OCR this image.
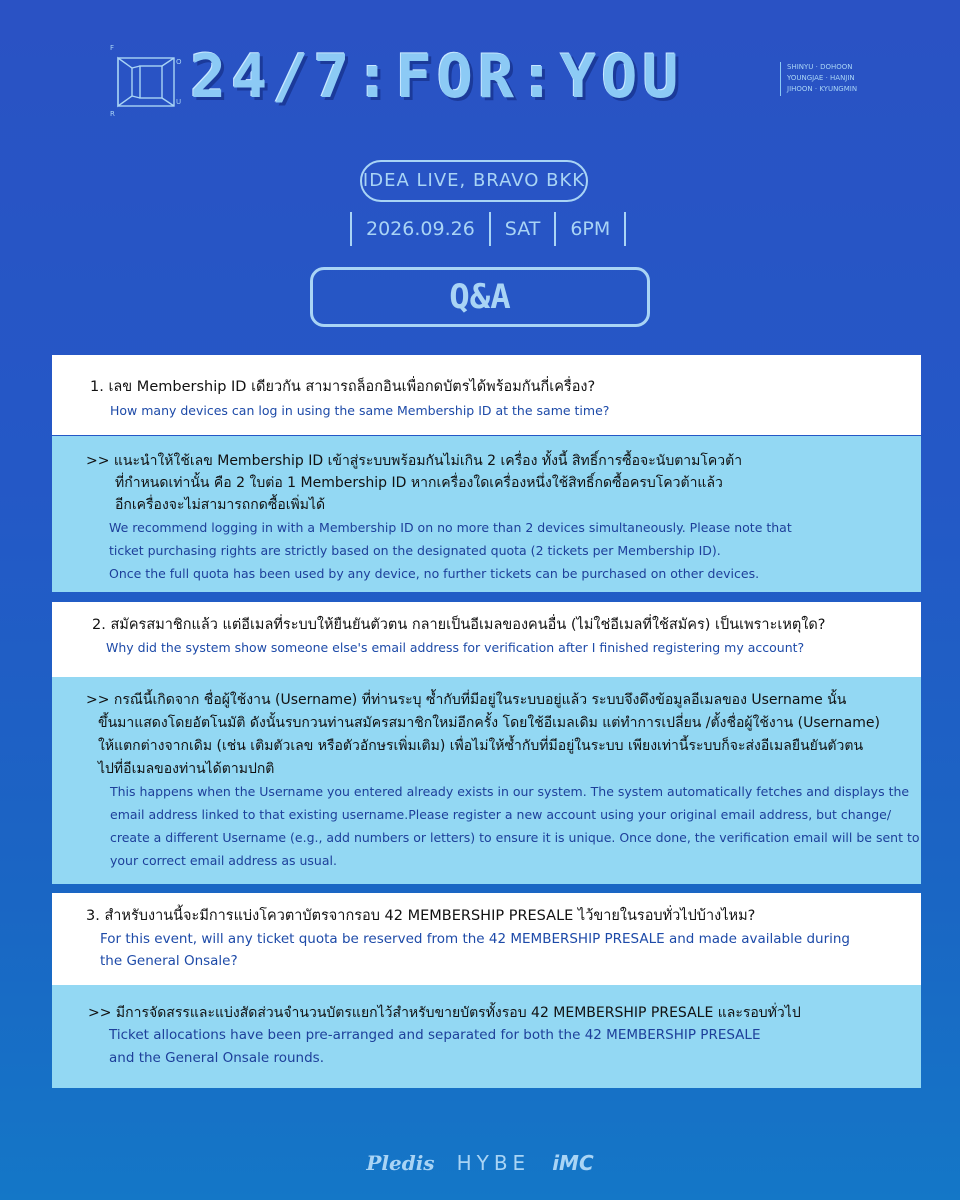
F
O
U
R
24/7:FOR:YOU	SHINYU · DOHOON
YOUNGJAE · HANJIN
JIHOON · KYUNGMIN
IDEA LIVE, BRAVO BKK
2026.09.26	SAT	6PM
Q&A
1. เลข Membership ID เดียวกัน สามารถล็อกอินเพื่อกดบัตรได้พร้อมกันกี่เครื่อง?
How many devices can log in using the same Membership ID at the same time?
>> แนะนำให้ใช้เลข Membership ID เข้าสู่ระบบพร้อมกันไม่เกิน 2 เครื่อง ทั้งนี้ สิทธิ์การซื้อจะนับตามโควต้า
ที่กำหนดเท่านั้น คือ 2 ใบต่อ 1 Membership ID หากเครื่องใดเครื่องหนึ่งใช้สิทธิ์กดซื้อครบโควต้าแล้ว
อีกเครื่องจะไม่สามารถกดซื้อเพิ่มได้
We recommend logging in with a Membership ID on no more than 2 devices simultaneously. Please note that
ticket purchasing rights are strictly based on the designated quota (2 tickets per Membership ID).
Once the full quota has been used by any device, no further tickets can be purchased on other devices.
2. สมัครสมาชิกแล้ว แต่อีเมลที่ระบบให้ยืนยันตัวตน กลายเป็นอีเมลของคนอื่น (ไม่ใช่อีเมลที่ใช้สมัคร) เป็นเพราะเหตุใด?
Why did the system show someone else's email address for verification after I finished registering my account?
>> กรณีนี้เกิดจาก ชื่อผู้ใช้งาน (Username) ที่ท่านระบุ ซ้ำกับที่มีอยู่ในระบบอยู่แล้ว ระบบจึงดึงข้อมูลอีเมลของ Username นั้น
ขึ้นมาแสดงโดยอัตโนมัติ ดังนั้นรบกวนท่านสมัครสมาชิกใหม่อีกครั้ง โดยใช้อีเมลเดิม แต่ทำการเปลี่ยน /ตั้งชื่อผู้ใช้งาน (Username)
ให้แตกต่างจากเดิม (เช่น เติมตัวเลข หรือตัวอักษรเพิ่มเติม) เพื่อไม่ให้ซ้ำกับที่มีอยู่ในระบบ เพียงเท่านี้ระบบก็จะส่งอีเมลยืนยันตัวตน
ไปที่อีเมลของท่านได้ตามปกติ
This happens when the Username you entered already exists in our system. The system automatically fetches and displays the
email address linked to that existing username.Please register a new account using your original email address, but change/
create a different Username (e.g., add numbers or letters) to ensure it is unique. Once done, the verification email will be sent to
your correct email address as usual.
3. สำหรับงานนี้จะมีการแบ่งโควตาบัตรจากรอบ 42 MEMBERSHIP PRESALE ไว้ขายในรอบทั่วไปบ้างไหม?
For this event, will any ticket quota be reserved from the 42 MEMBERSHIP PRESALE and made available during
the General Onsale?
>> มีการจัดสรรและแบ่งสัดส่วนจำนวนบัตรแยกไว้สำหรับขายบัตรทั้งรอบ 42 MEMBERSHIP PRESALE และรอบทั่วไป
Ticket allocations have been pre-arranged and separated for both the 42 MEMBERSHIP PRESALE
and the General Onsale rounds.
Pledis HYBE iMC
